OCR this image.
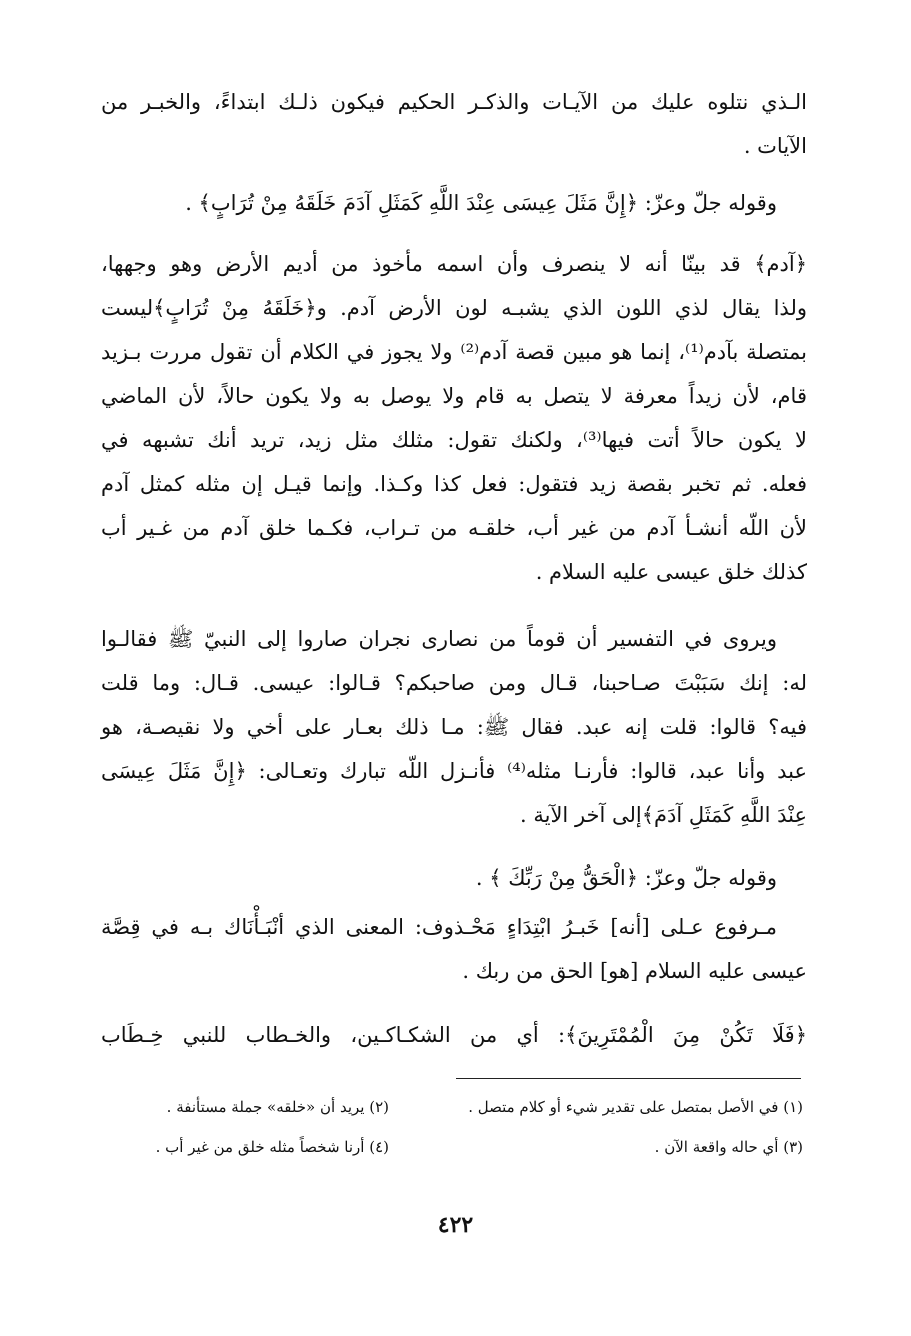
الـذي نتلوه عليك من الآيـات والذكـر الحكيم فيكون ذلـك ابتداءً، والخبـر من
الآيات .
وقوله جلّ وعزّ: ﴿إِنَّ مَثَلَ عِيسَى عِنْدَ اللَّهِ كَمَثَلِ آدَمَ خَلَقَهُ مِنْ تُرَابٍ﴾ .
﴿آدم﴾ قد بينّا أنه لا ينصرف وأن اسمه مأخوذ من أديم الأرض وهو وجهها،
ولذا يقال لذي اللون الذي يشبـه لون الأرض آدم. و﴿خَلَقَهُ مِنْ تُرَابٍ﴾ليست
بمتصلة بآدم⁽¹⁾، إنما هو مبين قصة آدم⁽²⁾ ولا يجوز في الكلام أن تقول مررت بـزيد
قام، لأن زيداً معرفة لا يتصل به قام ولا يوصل به ولا يكون حالاً، لأن الماضي
لا يكون حالاً أتت فيها⁽³⁾، ولكنك تقول: مثلك مثل زيد، تريد أنك تشبهه في
فعله. ثم تخبر بقصة زيد فتقول: فعل كذا وكـذا. وإنما قيـل إن مثله كمثل آدم
لأن اللّه أنشـأ آدم من غير أب، خلقـه من تـراب، فكـما خلق آدم من غـير أب
كذلك خلق عيسى عليه السلام .
ويروى في التفسير أن قوماً من نصارى نجران صاروا إلى النبيّ ﷺ فقالـوا
له: إنك سَبَبْتَ صـاحبنا، قـال ومن صاحبكم؟ قـالوا: عيسى. قـال: وما قلت
فيه؟ قالوا: قلت إنه عبد. فقال ﷺ: مـا ذلك بعـار على أخي ولا نقيصـة، هو
عبد وأنا عبد، قالوا: فأرنـا مثله⁽⁴⁾ فأنـزل اللّه تبارك وتعـالى: ﴿إِنَّ مَثَلَ عِيسَى
عِنْدَ اللَّهِ كَمَثَلِ آدَمَ﴾إلى آخر الآية .
وقوله جلّ وعزّ: ﴿الْحَقُّ مِنْ رَبِّكَ ﴾ .
مـرفوع عـلى [أنه] خَبـرُ ابْتِدَاءٍ مَحْـذوف: المعنى الذي أنْبَـأْنَاك بـه في قِصَّة
عيسى عليه السلام [هو] الحق من ربك .
﴿فَلَا تَكُنْ مِنَ الْمُمْتَرِينَ﴾: أي من الشكـاكـين، والخـطاب للنبي خِـطَاب
(١) في الأصل بمتصل على تقدير شيء أو كلام متصل .
(٢) يريد أن «خلقه» جملة مستأنفة .
(٣) أي حاله واقعة الآن .
(٤) أرنا شخصاً مثله خلق من غير أب .
٤٢٢
